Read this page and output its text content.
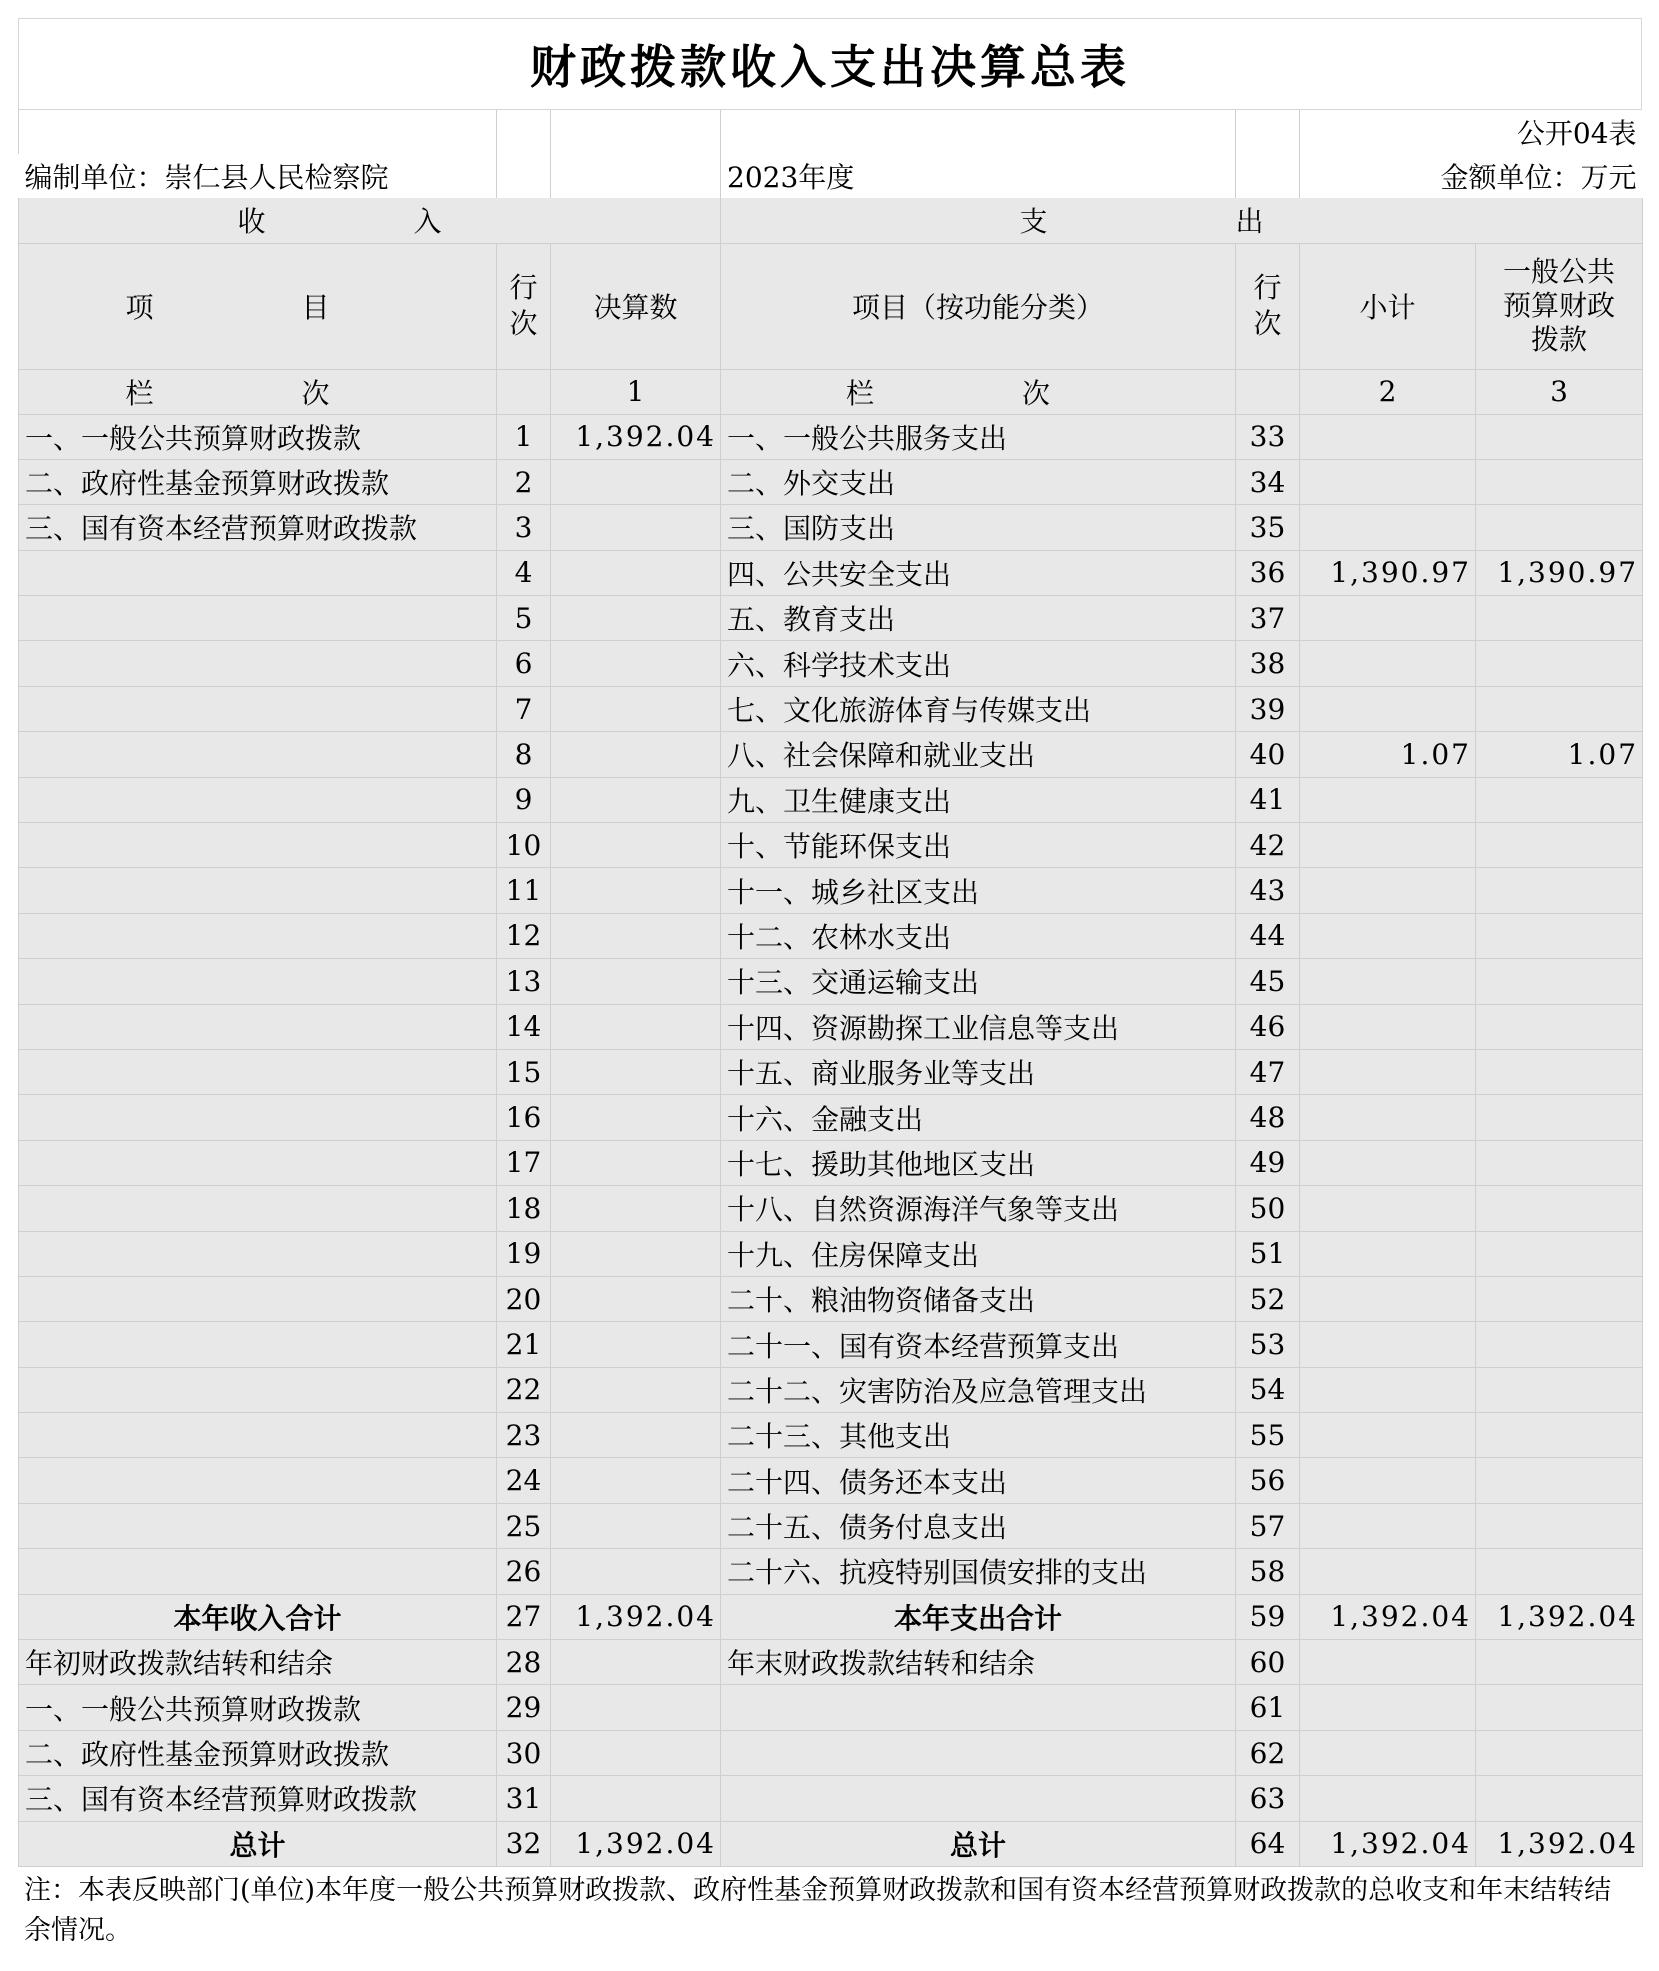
财政拨款收入支出决算总表
					公开04表	
编制单位：崇仁县人民检察院			2023年度		金额单位：万元	
收　入			支　出			
项　目	行次	决算数	项目（按功能分类）	行次	小计	一般公共预算财政拨款
栏　次		1	栏　次		2	3
一、一般公共预算财政拨款	1	1,392.04	一、一般公共服务支出	33		
二、政府性基金预算财政拨款	2		二、外交支出	34		
三、国有资本经营预算财政拨款	3		三、国防支出	35		
	4		四、公共安全支出	36	1,390.97	1,390.97
	5		五、教育支出	37		
	6		六、科学技术支出	38		
	7		七、文化旅游体育与传媒支出	39		
	8		八、社会保障和就业支出	40	1.07	1.07
	9		九、卫生健康支出	41		
	10		十、节能环保支出	42		
	11		十一、城乡社区支出	43		
	12		十二、农林水支出	44		
	13		十三、交通运输支出	45		
	14		十四、资源勘探工业信息等支出	46		
	15		十五、商业服务业等支出	47		
	16		十六、金融支出	48		
	17		十七、援助其他地区支出	49		
	18		十八、自然资源海洋气象等支出	50		
	19		十九、住房保障支出	51		
	20		二十、粮油物资储备支出	52		
	21		二十一、国有资本经营预算支出	53		
	22		二十二、灾害防治及应急管理支出	54		
	23		二十三、其他支出	55		
	24		二十四、债务还本支出	56		
	25		二十五、债务付息支出	57		
	26		二十六、抗疫特别国债安排的支出	58		
本年收入合计	27	1,392.04	本年支出合计	59	1,392.04	1,392.04
年初财政拨款结转和结余	28		年末财政拨款结转和结余	60		
一、一般公共预算财政拨款	29			61		
二、政府性基金预算财政拨款	30			62		
三、国有资本经营预算财政拨款	31			63		
总计	32	1,392.04	总计	64	1,392.04	1,392.04
注：本表反映部门(单位)本年度一般公共预算财政拨款、政府性基金预算财政拨款和国有资本经营预算财政拨款的总收支和年末结转结余情况。
